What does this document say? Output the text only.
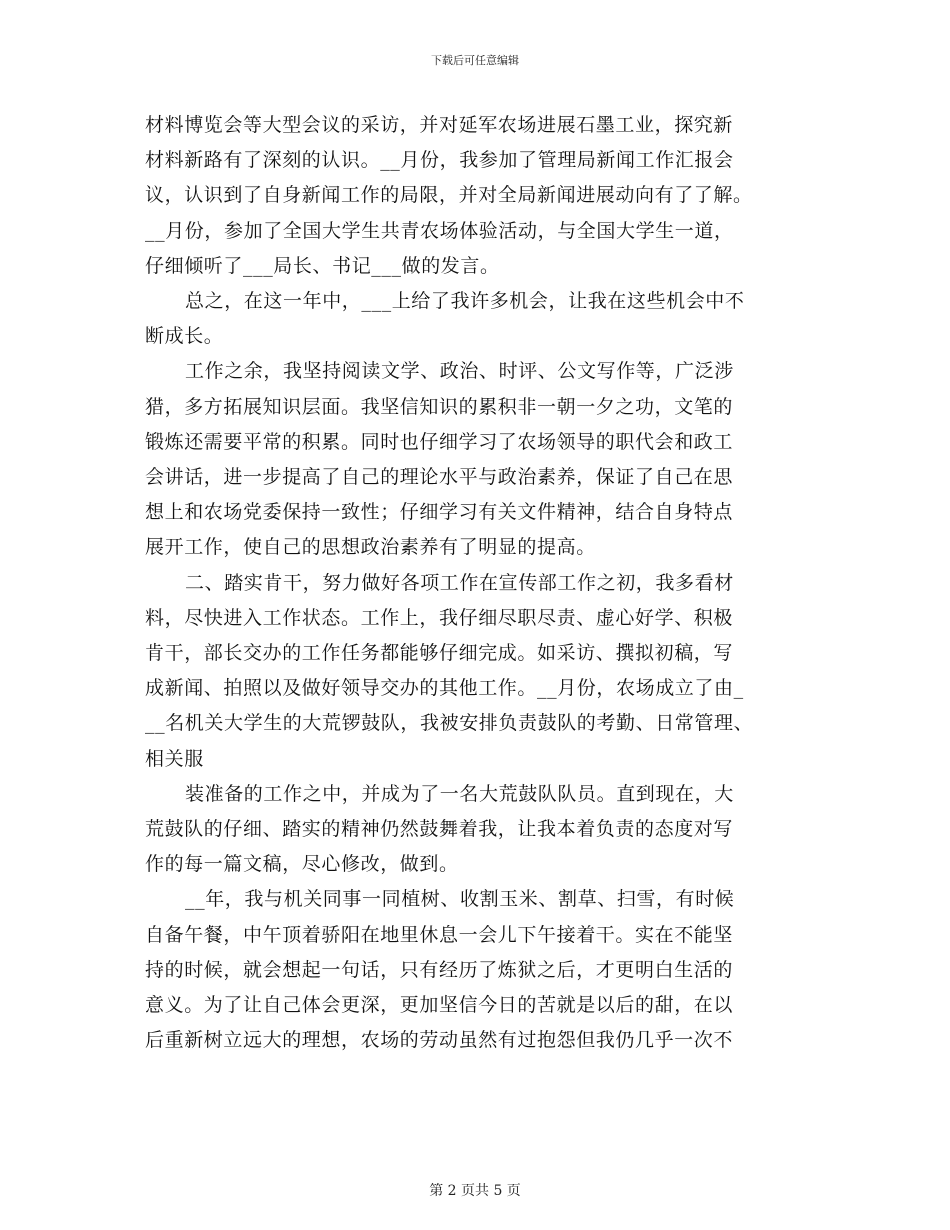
下载后可任意编辑
材料博览会等大型会议的采访，并对延军农场进展石墨工业，探究新
材料新路有了深刻的认识。__月份，我参加了管理局新闻工作汇报会
议，认识到了自身新闻工作的局限，并对全局新闻进展动向有了了解。
__月份，参加了全国大学生共青农场体验活动，与全国大学生一道，
仔细倾听了___局长、书记___做的发言。
总之，在这一年中，___上给了我许多机会，让我在这些机会中不
断成长。
工作之余，我坚持阅读文学、政治、时评、公文写作等，广泛涉
猎，多方拓展知识层面。我坚信知识的累积非一朝一夕之功，文笔的
锻炼还需要平常的积累。同时也仔细学习了农场领导的职代会和政工
会讲话，进一步提高了自己的理论水平与政治素养，保证了自己在思
想上和农场党委保持一致性；仔细学习有关文件精神，结合自身特点
展开工作，使自己的思想政治素养有了明显的提高。
二、踏实肯干，努力做好各项工作在宣传部工作之初，我多看材
料，尽快进入工作状态。工作上，我仔细尽职尽责、虚心好学、积极
肯干，部长交办的工作任务都能够仔细完成。如采访、撰拟初稿，写
成新闻、拍照以及做好领导交办的其他工作。__月份，农场成立了由_
__名机关大学生的大荒锣鼓队，我被安排负责鼓队的考勤、日常管理、
相关服
装准备的工作之中，并成为了一名大荒鼓队队员。直到现在，大
荒鼓队的仔细、踏实的精神仍然鼓舞着我，让我本着负责的态度对写
作的每一篇文稿，尽心修改，做到。
__年，我与机关同事一同植树、收割玉米、割草、扫雪，有时候
自备午餐，中午顶着骄阳在地里休息一会儿下午接着干。实在不能坚
持的时候，就会想起一句话，只有经历了炼狱之后，才更明白生活的
意义。为了让自己体会更深，更加坚信今日的苦就是以后的甜，在以
后重新树立远大的理想，农场的劳动虽然有过抱怨但我仍几乎一次不
第 2 页共 5 页
